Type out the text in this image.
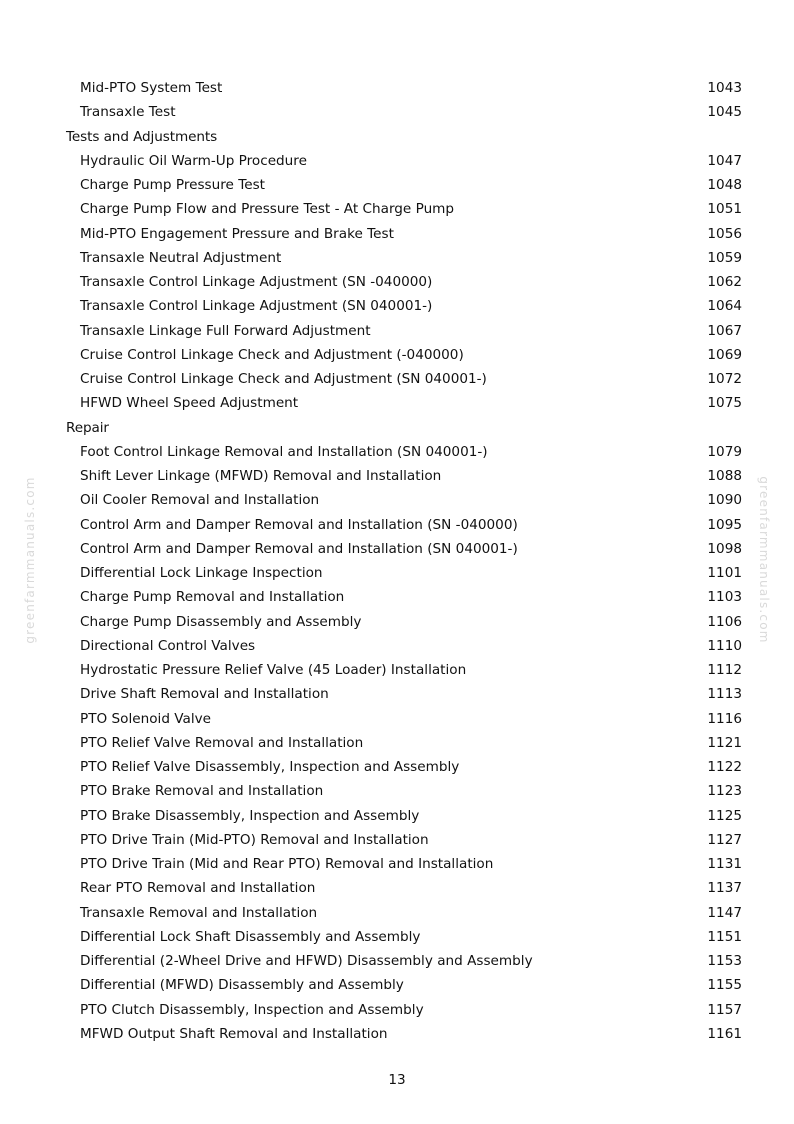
Mid-PTO System Test	1043
Transaxle Test	1045
Tests and Adjustments
Hydraulic Oil Warm-Up Procedure	1047
Charge Pump Pressure Test	1048
Charge Pump Flow and Pressure Test - At Charge Pump	1051
Mid-PTO Engagement Pressure and Brake Test	1056
Transaxle Neutral Adjustment	1059
Transaxle Control Linkage Adjustment (SN -040000)	1062
Transaxle Control Linkage Adjustment (SN 040001-)	1064
Transaxle Linkage Full Forward Adjustment	1067
Cruise Control Linkage Check and Adjustment (-040000)	1069
Cruise Control Linkage Check and Adjustment (SN 040001-)	1072
HFWD Wheel Speed Adjustment	1075
Repair
Foot Control Linkage Removal and Installation (SN 040001-)	1079
Shift Lever Linkage (MFWD) Removal and Installation	1088
Oil Cooler Removal and Installation	1090
Control Arm and Damper Removal and Installation (SN -040000)	1095
Control Arm and Damper Removal and Installation (SN 040001-)	1098
Differential Lock Linkage Inspection	1101
Charge Pump Removal and Installation	1103
Charge Pump Disassembly and Assembly	1106
Directional Control Valves	1110
Hydrostatic Pressure Relief Valve (45 Loader) Installation	1112
Drive Shaft Removal and Installation	1113
PTO Solenoid Valve	1116
PTO Relief Valve Removal and Installation	1121
PTO Relief Valve Disassembly, Inspection and Assembly	1122
PTO Brake Removal and Installation	1123
PTO Brake Disassembly, Inspection and Assembly	1125
PTO Drive Train (Mid-PTO) Removal and Installation	1127
PTO Drive Train (Mid and Rear PTO) Removal and Installation	1131
Rear PTO Removal and Installation	1137
Transaxle Removal and Installation	1147
Differential Lock Shaft Disassembly and Assembly	1151
Differential (2-Wheel Drive and HFWD) Disassembly and Assembly	1153
Differential (MFWD) Disassembly and Assembly	1155
PTO Clutch Disassembly, Inspection and Assembly	1157
MFWD Output Shaft Removal and Installation	1161
13
greenfarmmanuals.com	greenfarmmanuals.com
